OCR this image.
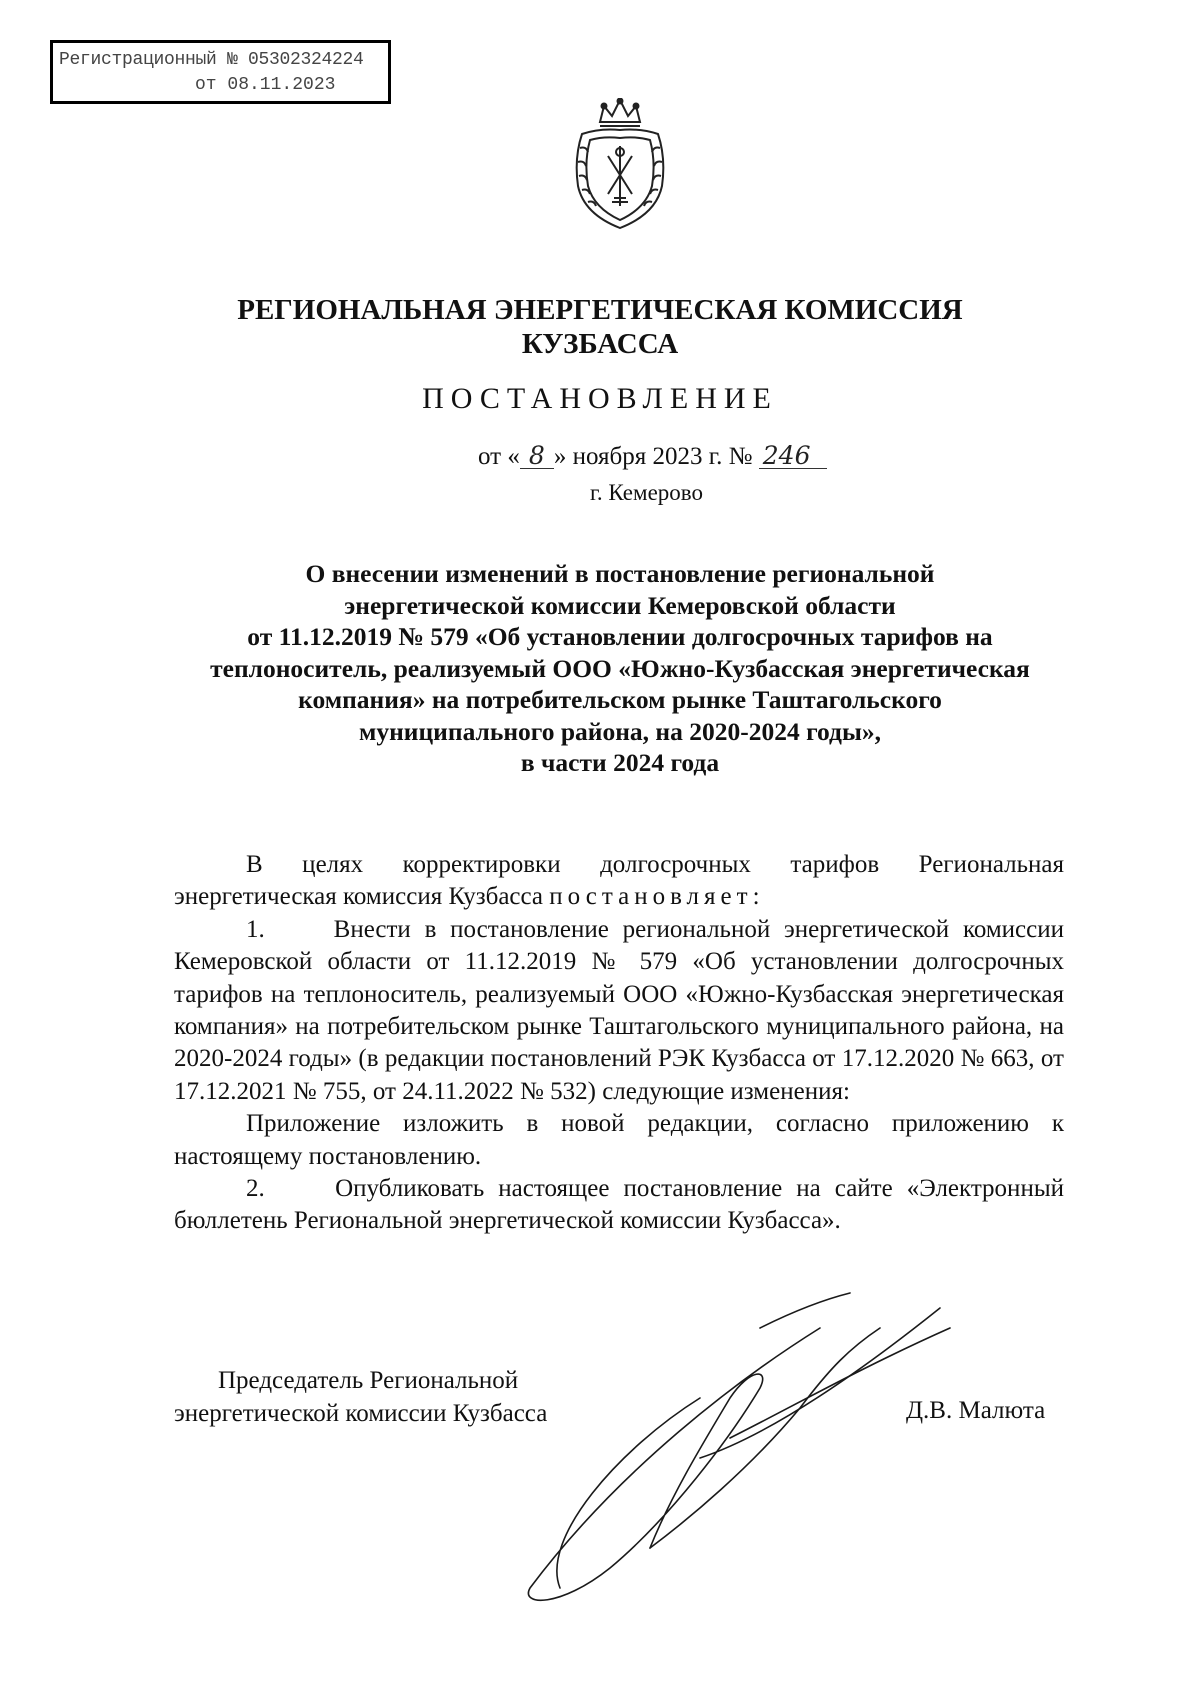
Регистрационный № 05302324224
от 08.11.2023
РЕГИОНАЛЬНАЯ ЭНЕРГЕТИЧЕСКАЯ КОМИССИЯ
КУЗБАССА
ПОСТАНОВЛЕНИЕ
от « 8 » ноября 2023 г. № 246
г. Кемерово
О внесении изменений в постановление региональной
энергетической комиссии Кемеровской области
от 11.12.2019 № 579 «Об установлении долгосрочных тарифов на
теплоноситель, реализуемый ООО «Южно-Кузбасская энергетическая
компания» на потребительском рынке Таштагольского
муниципального района, на 2020-2024 годы»,
в части 2024 года

В целях корректировки долгосрочных тарифов Региональная энергетическая комиссия Кузбасса постановляет:

1.	Внести в постановление региональной энергетической комиссии Кемеровской области от 11.12.2019 № 579 «Об установлении долгосрочных тарифов на теплоноситель, реализуемый ООО «Южно-Кузбасская энергетическая компания» на потребительском рынке Таштагольского муниципального района, на 2020-2024 годы» (в редакции постановлений РЭК Кузбасса от 17.12.2020 № 663, от 17.12.2021 № 755, от 24.11.2022 № 532) следующие изменения:

Приложение изложить в новой редакции, согласно приложению к настоящему постановлению.

2.	Опубликовать настоящее постановление на сайте «Электронный бюллетень Региональной энергетической комиссии Кузбасса».

Председатель Региональной
энергетической комиссии Кузбасса	Д.В. Малюта
